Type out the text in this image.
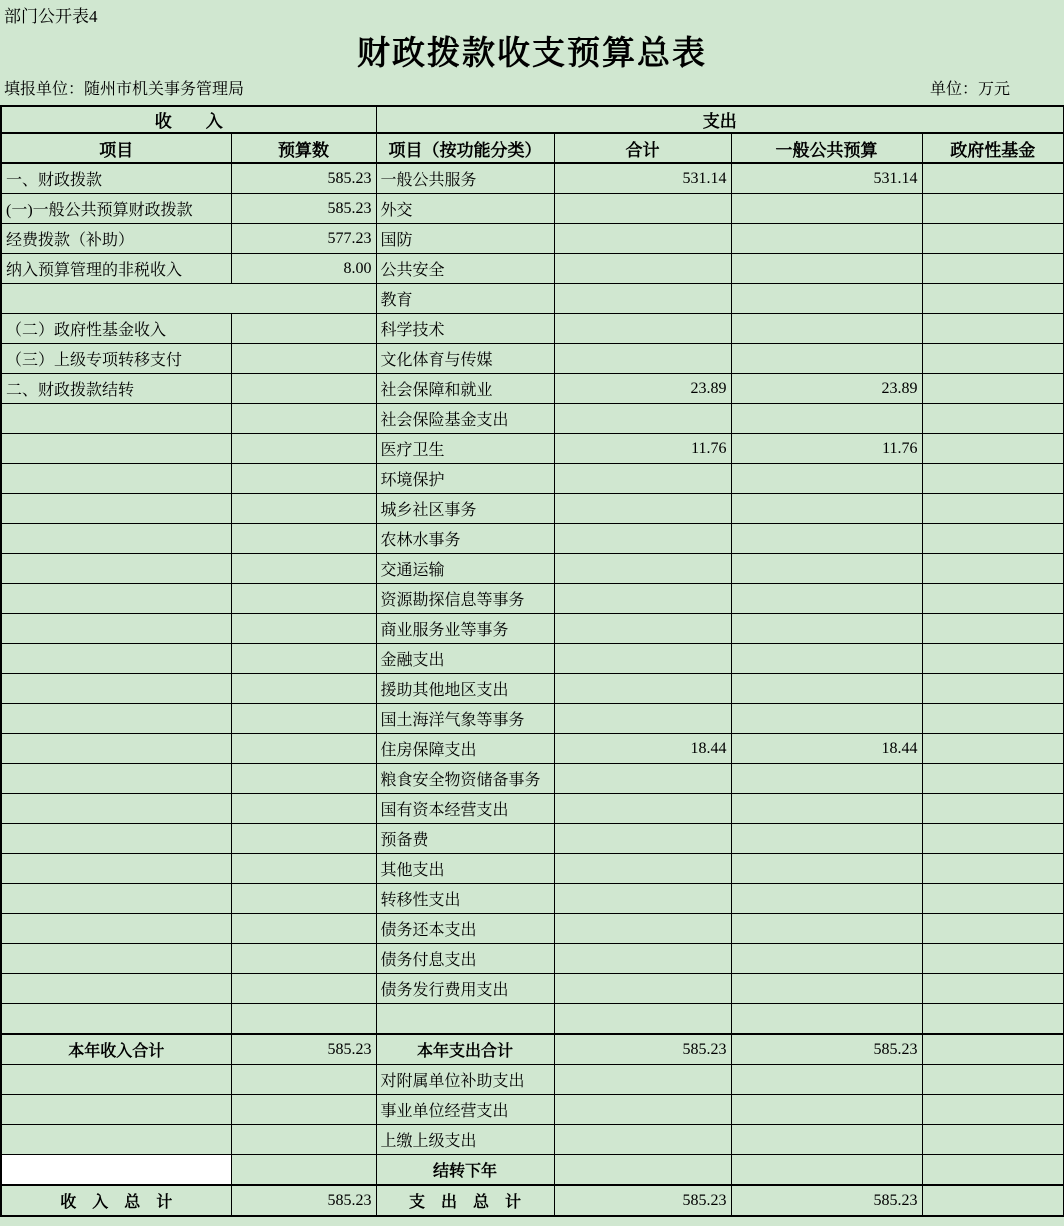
部门公开表4
财政拨款收支预算总表
填报单位：随州市机关事务管理局	单位：万元
收　　入		支出			
项目	预算数	项目（按功能分类）	合计	一般公共预算	政府性基金
一、财政拨款	585.23	一般公共服务	531.14	531.14	
(一)一般公共预算财政拨款	585.23	外交			
经费拨款（补助）	577.23	国防			
纳入预算管理的非税收入	8.00	公共安全			
		教育			
（二）政府性基金收入		科学技术			
（三）上级专项转移支付		文化体育与传媒			
二、财政拨款结转		社会保障和就业	23.89	23.89	
		社会保险基金支出			
		医疗卫生	11.76	11.76	
		环境保护			
		城乡社区事务			
		农林水事务			
		交通运输			
		资源勘探信息等事务			
		商业服务业等事务			
		金融支出			
		援助其他地区支出			
		国土海洋气象等事务			
		住房保障支出	18.44	18.44	
		粮食安全物资储备事务			
		国有资本经营支出			
		预备费			
		其他支出			
		转移性支出			
		债务还本支出			
		债务付息支出			
		债务发行费用支出			

本年收入合计	585.23	本年支出合计	585.23	585.23	
		对附属单位补助支出			
		事业单位经营支出			
		上缴上级支出			
		结转下年			
收　入　总　计	585.23	支　出　总　计	585.23	585.23	
